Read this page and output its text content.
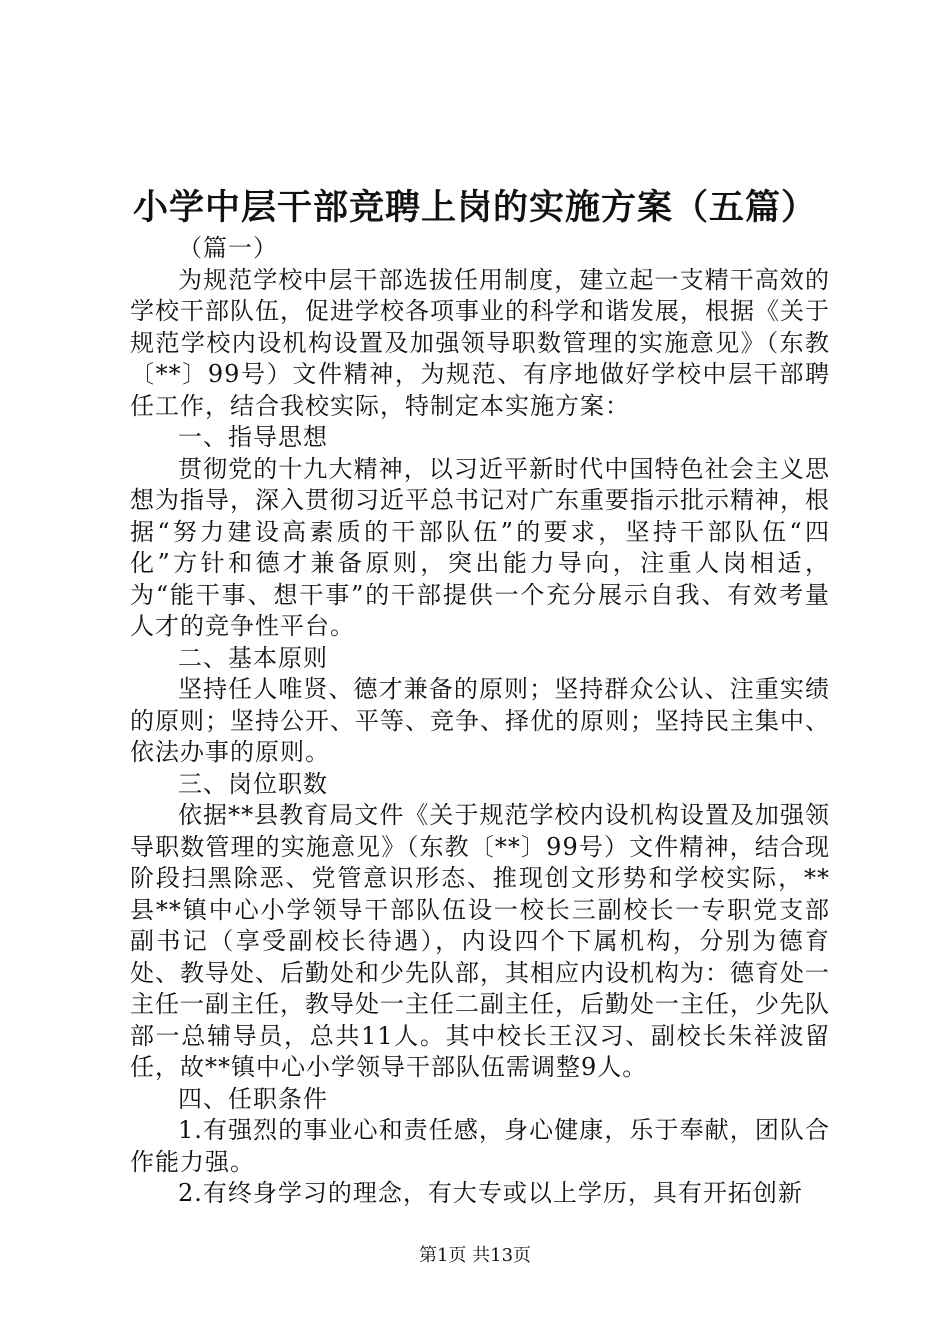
小学中层干部竞聘上岗的实施方案（五篇）

（篇一）

为规范学校中层干部选拔任用制度，建立起一支精干高效的学校干部队伍，促进学校各项事业的科学和谐发展，根据《关于规范学校内设机构设置及加强领导职数管理的实施意见》（东教〔**〕99号）文件精神，为规范、有序地做好学校中层干部聘任工作，结合我校实际，特制定本实施方案：

一、指导思想

贯彻党的十九大精神，以习近平新时代中国特色社会主义思想为指导，深入贯彻习近平总书记对广东重要指示批示精神，根据“努力建设高素质的干部队伍”的要求，坚持干部队伍“四化”方针和德才兼备原则，突出能力导向，注重人岗相适，为“能干事、想干事”的干部提供一个充分展示自我、有效考量人才的竞争性平台。

二、基本原则

坚持任人唯贤、德才兼备的原则；坚持群众公认、注重实绩的原则；坚持公开、平等、竞争、择优的原则；坚持民主集中、依法办事的原则。

三、岗位职数

依据**县教育局文件《关于规范学校内设机构设置及加强领导职数管理的实施意见》（东教〔**〕99号）文件精神，结合现阶段扫黑除恶、党管意识形态、推现创文形势和学校实际，**县**镇中心小学领导干部队伍设一校长三副校长一专职党支部副书记（享受副校长待遇），内设四个下属机构，分别为德育处、教导处、后勤处和少先队部，其相应内设机构为：德育处一主任一副主任，教导处一主任二副主任，后勤处一主任，少先队部一总辅导员，总共11人。其中校长王汉习、副校长朱祥波留任，故**镇中心小学领导干部队伍需调整9人。

四、任职条件

1.有强烈的事业心和责任感，身心健康，乐于奉献，团队合作能力强。

2.有终身学习的理念，有大专或以上学历，具有开拓创新

第1页 共13页
